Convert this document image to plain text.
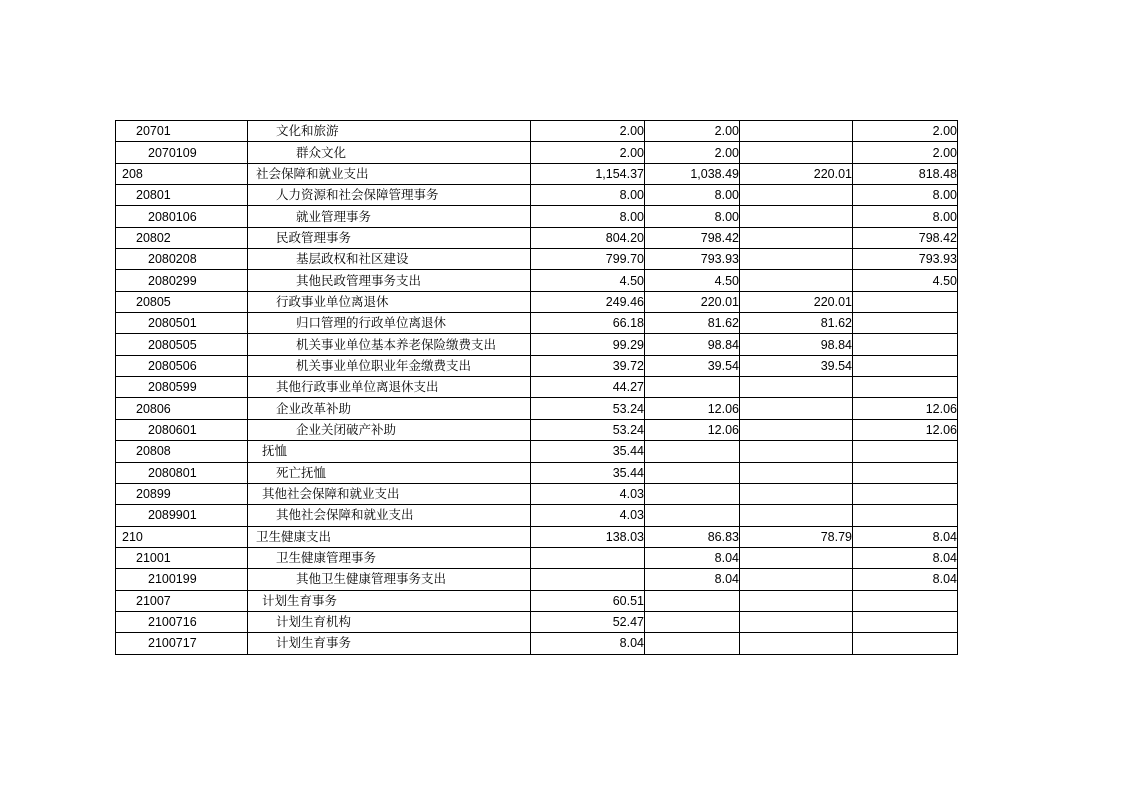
20701	文化和旅游	2.00	2.00		2.00
2070109	群众文化	2.00	2.00		2.00
208	社会保障和就业支出	1,154.37	1,038.49	220.01	818.48
20801	人力资源和社会保障管理事务	8.00	8.00		8.00
2080106	就业管理事务	8.00	8.00		8.00
20802	民政管理事务	804.20	798.42		798.42
2080208	基层政权和社区建设	799.70	793.93		793.93
2080299	其他民政管理事务支出	4.50	4.50		4.50
20805	行政事业单位离退休	249.46	220.01	220.01	
2080501	归口管理的行政单位离退休	66.18	81.62	81.62	
2080505	机关事业单位基本养老保险缴费支出	99.29	98.84	98.84	
2080506	机关事业单位职业年金缴费支出	39.72	39.54	39.54	
2080599	其他行政事业单位离退休支出	44.27			
20806	企业改革补助	53.24	12.06		12.06
2080601	企业关闭破产补助	53.24	12.06		12.06
20808	抚恤	35.44			
2080801	死亡抚恤	35.44			
20899	其他社会保障和就业支出	4.03			
2089901	其他社会保障和就业支出	4.03			
210	卫生健康支出	138.03	86.83	78.79	8.04
21001	卫生健康管理事务		8.04		8.04
2100199	其他卫生健康管理事务支出		8.04		8.04
21007	计划生育事务	60.51			
2100716	计划生育机构	52.47			
2100717	计划生育事务	8.04			
